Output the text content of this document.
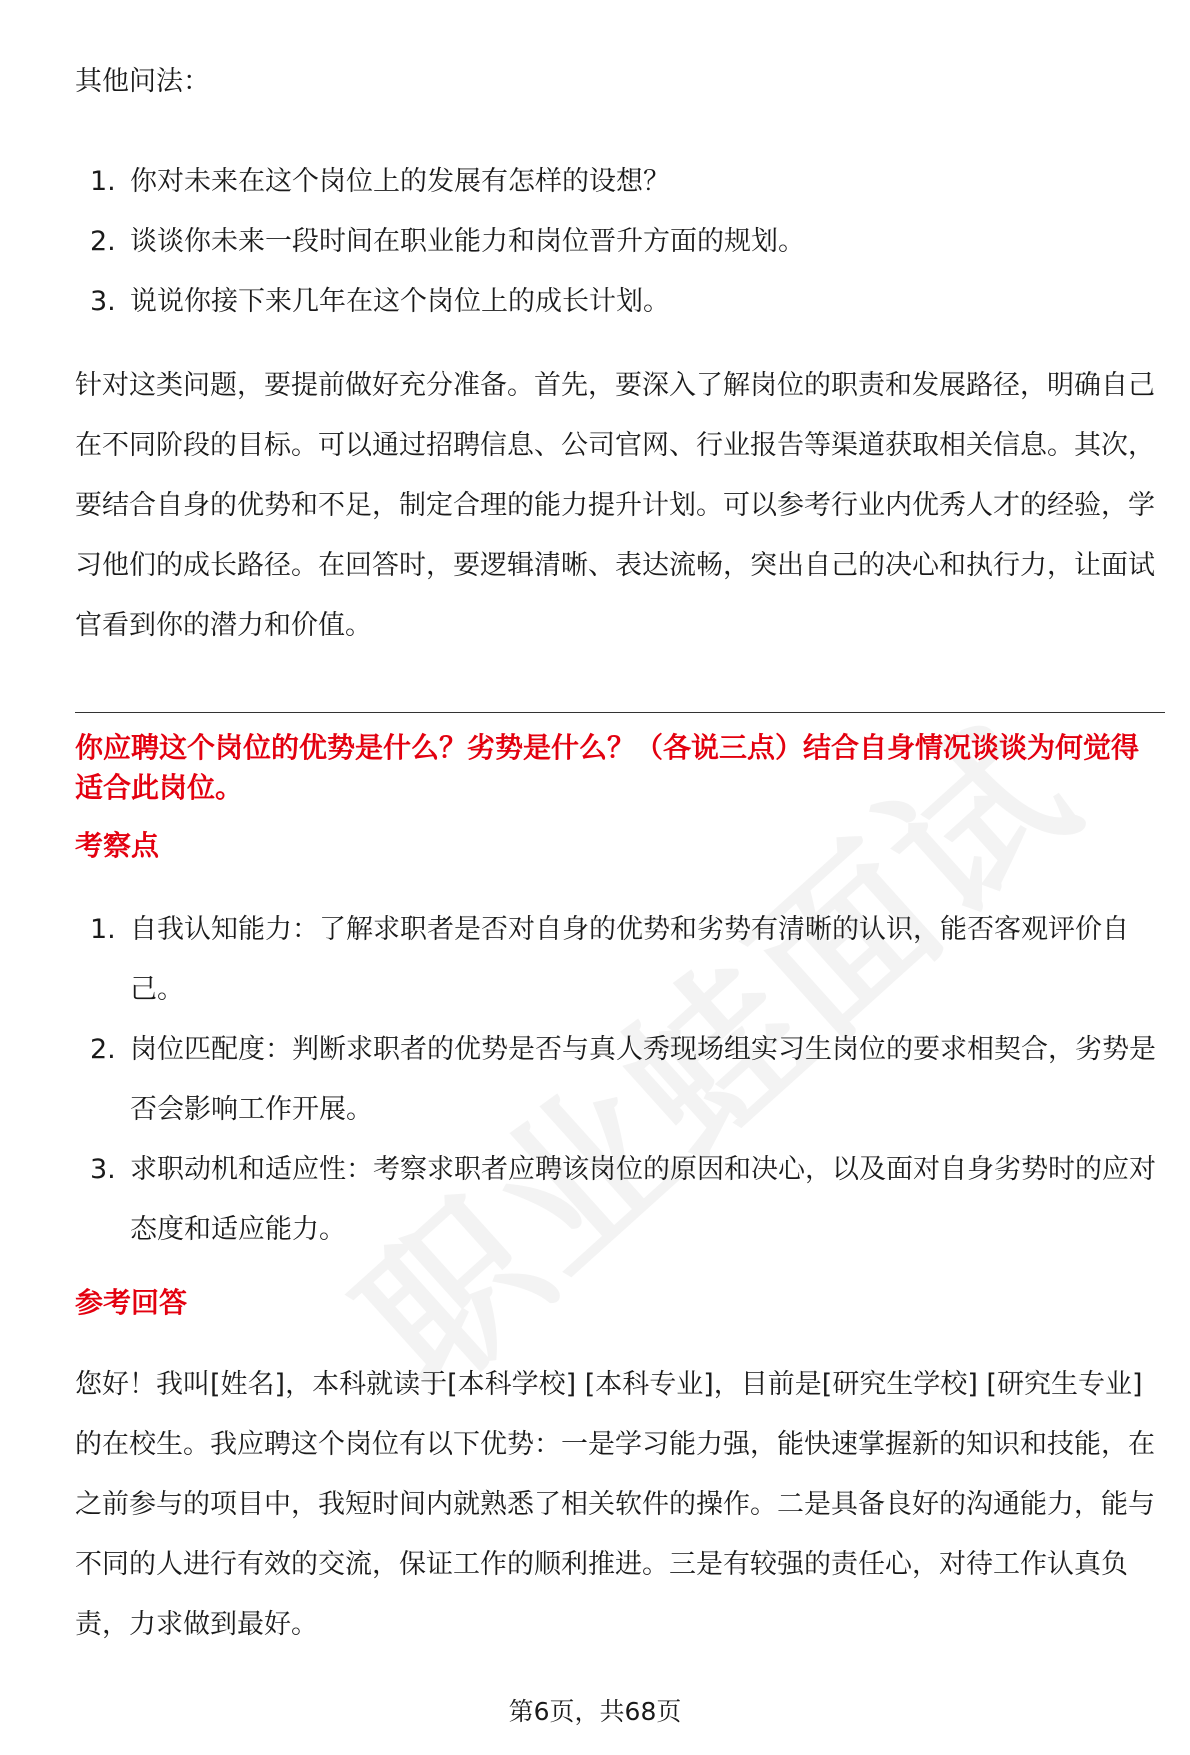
其他问法：
1. 你对未来在这个岗位上的发展有怎样的设想？
2. 谈谈你未来一段时间在职业能力和岗位晋升方面的规划。
3. 说说你接下来几年在这个岗位上的成长计划。
针对这类问题，要提前做好充分准备。首先，要深入了解岗位的职责和发展路径，明确自己在不同阶段的目标。可以通过招聘信息、公司官网、行业报告等渠道获取相关信息。其次，要结合自身的优势和不足，制定合理的能力提升计划。可以参考行业内优秀人才的经验，学习他们的成长路径。在回答时，要逻辑清晰、表达流畅，突出自己的决心和执行力，让面试官看到你的潜力和价值。
你应聘这个岗位的优势是什么？劣势是什么？（各说三点）结合自身情况谈谈为何觉得适合此岗位。
考察点
1. 自我认知能力：了解求职者是否对自身的优势和劣势有清晰的认识，能否客观评价自己。
2. 岗位匹配度：判断求职者的优势是否与真人秀现场组实习生岗位的要求相契合，劣势是否会影响工作开展。
3. 求职动机和适应性：考察求职者应聘该岗位的原因和决心，以及面对自身劣势时的应对态度和适应能力。
参考回答
您好！我叫[姓名]，本科就读于[本科学校] [本科专业]，目前是[研究生学校] [研究生专业]的在校生。我应聘这个岗位有以下优势：一是学习能力强，能快速掌握新的知识和技能，在之前参与的项目中，我短时间内就熟悉了相关软件的操作。二是具备良好的沟通能力，能与不同的人进行有效的交流，保证工作的顺利推进。三是有较强的责任心，对待工作认真负责，力求做到最好。
第6页，共68页
